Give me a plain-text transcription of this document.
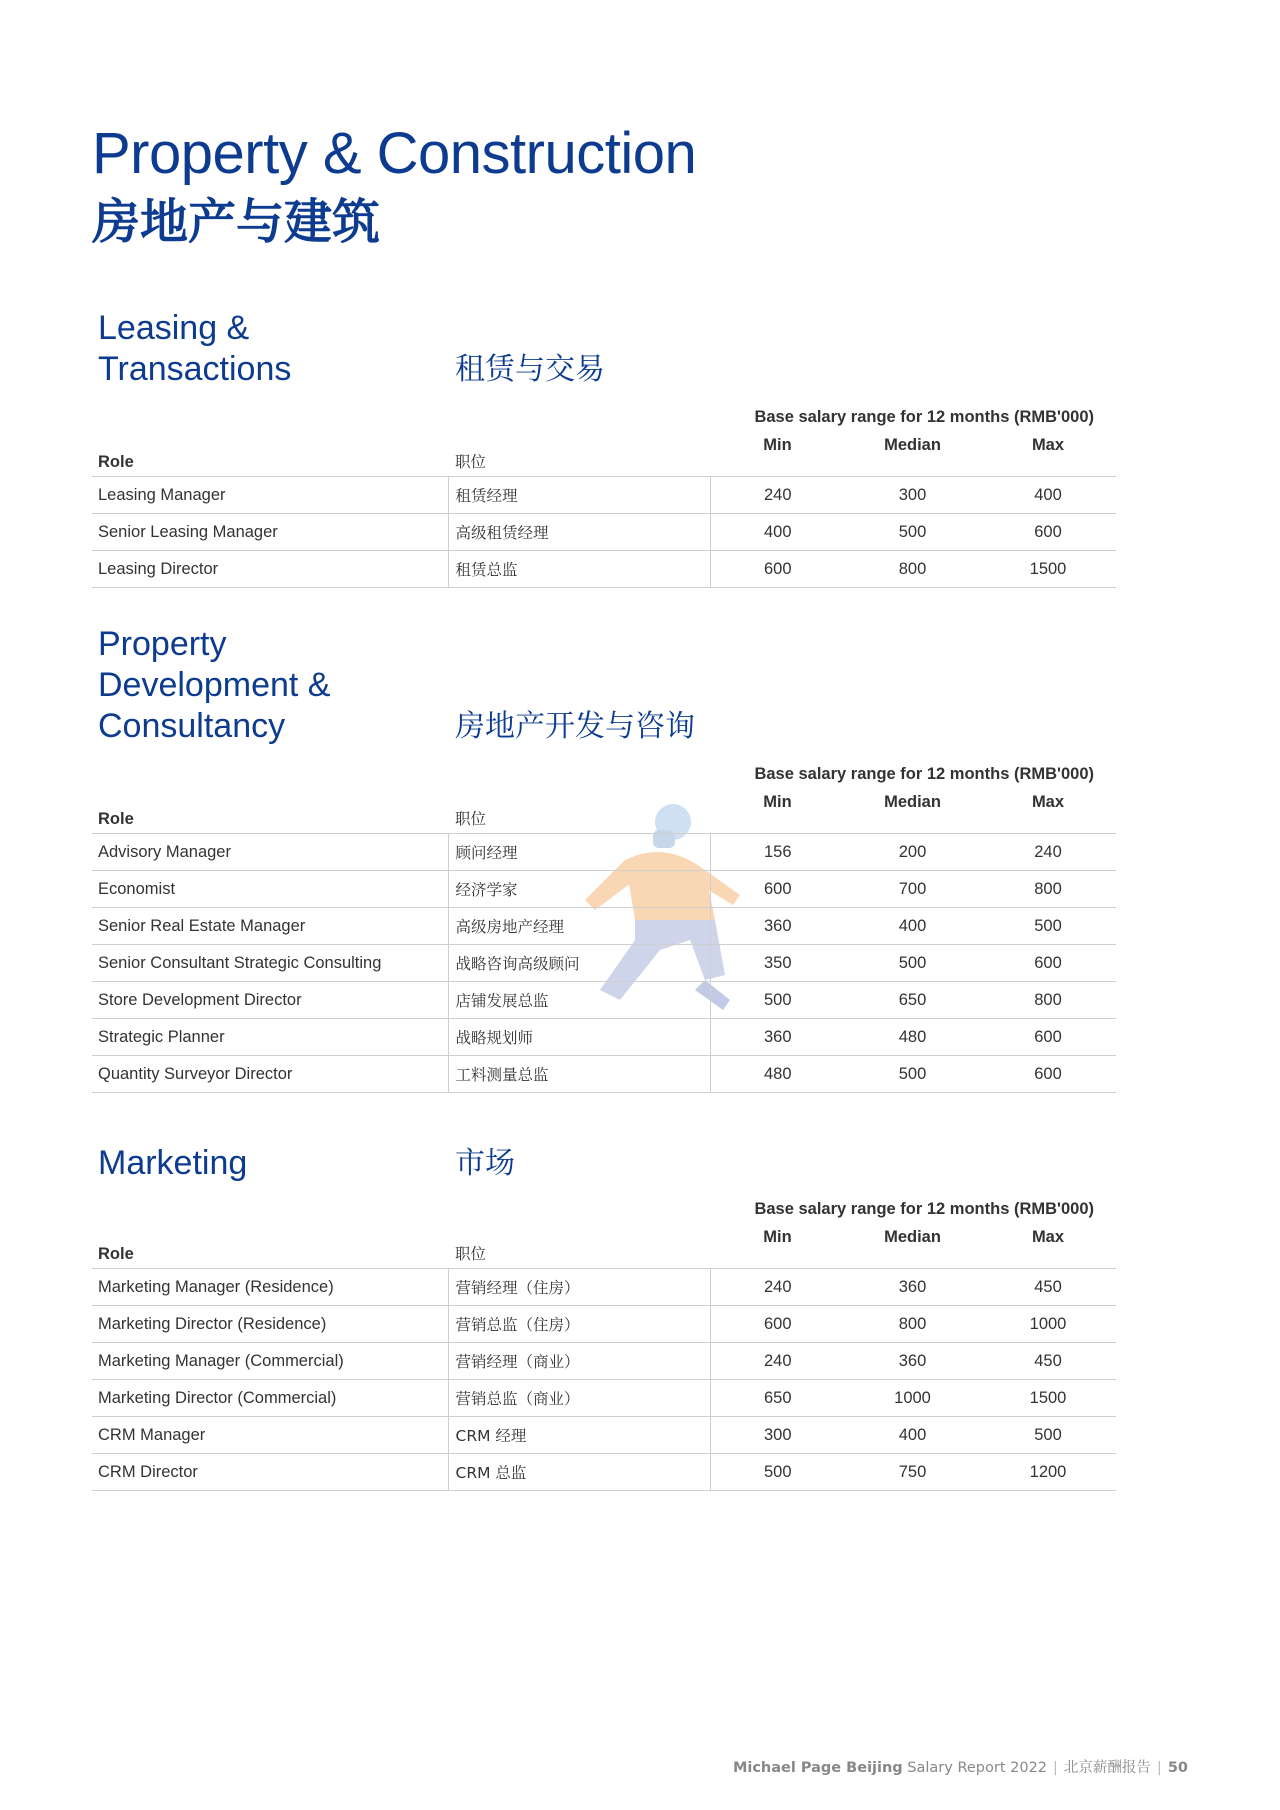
Property & Construction
房地产与建筑
Leasing &
Transactions	租赁与交易
Base salary range for 12 months (RMB'000)
Role	职位	Min	Median	Max
Leasing Manager	租赁经理	240	300	400
Senior Leasing Manager	高级租赁经理	400	500	600
Leasing Director	租赁总监	600	800	1500
Property
Development &
Consultancy	房地产开发与咨询
Base salary range for 12 months (RMB'000)
Role	职位	Min	Median	Max
Advisory Manager	顾问经理	156	200	240
Economist	经济学家	600	700	800
Senior Real Estate Manager	高级房地产经理	360	400	500
Senior Consultant Strategic Consulting	战略咨询高级顾问	350	500	600
Store Development Director	店铺发展总监	500	650	800
Strategic Planner	战略规划师	360	480	600
Quantity Surveyor Director	工料测量总监	480	500	600
Marketing	市场
Base salary range for 12 months (RMB'000)
Role	职位	Min	Median	Max
Marketing Manager (Residence)	营销经理（住房）	240	360	450
Marketing Director (Residence)	营销总监（住房）	600	800	1000
Marketing Manager (Commercial)	营销经理（商业）	240	360	450
Marketing Director (Commercial)	营销总监（商业）	650	1000	1500
CRM Manager	CRM 经理	300	400	500
CRM Director	CRM 总监	500	750	1200
Michael Page Beijing Salary Report 2022 | 北京薪酬报告 | 50
